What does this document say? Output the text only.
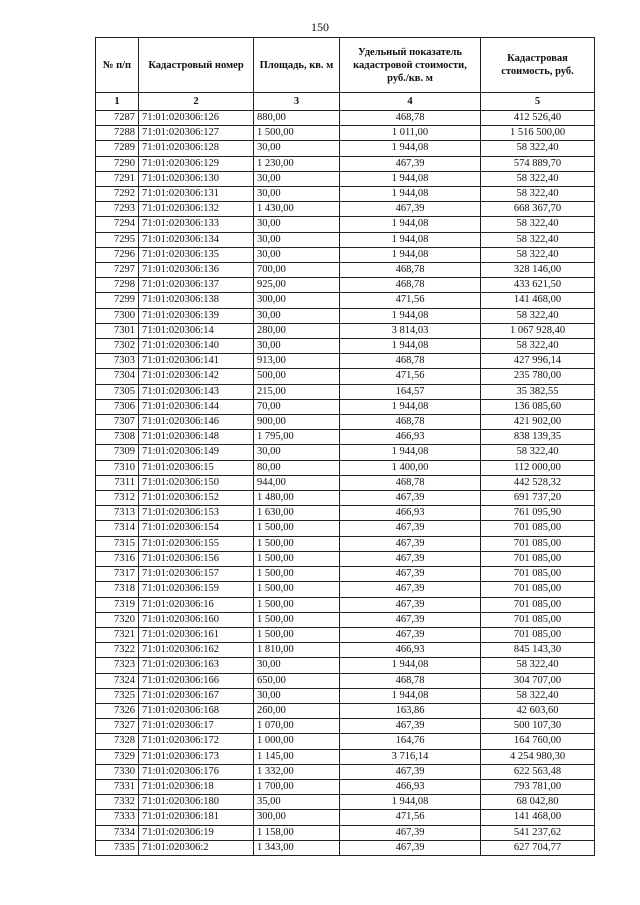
150
№ п/п	Кадастровый номер	Площадь, кв. м	Удельный показатель кадастровой стоимости, руб./кв. м	Кадастровая стоимость, руб.
1	2	3	4	5
7287	71:01:020306:126	880,00	468,78	412 526,40
7288	71:01:020306:127	1 500,00	1 011,00	1 516 500,00
7289	71:01:020306:128	30,00	1 944,08	58 322,40
7290	71:01:020306:129	1 230,00	467,39	574 889,70
7291	71:01:020306:130	30,00	1 944,08	58 322,40
7292	71:01:020306:131	30,00	1 944,08	58 322,40
7293	71:01:020306:132	1 430,00	467,39	668 367,70
7294	71:01:020306:133	30,00	1 944,08	58 322,40
7295	71:01:020306:134	30,00	1 944,08	58 322,40
7296	71:01:020306:135	30,00	1 944,08	58 322,40
7297	71:01:020306:136	700,00	468,78	328 146,00
7298	71:01:020306:137	925,00	468,78	433 621,50
7299	71:01:020306:138	300,00	471,56	141 468,00
7300	71:01:020306:139	30,00	1 944,08	58 322,40
7301	71:01:020306:14	280,00	3 814,03	1 067 928,40
7302	71:01:020306:140	30,00	1 944,08	58 322,40
7303	71:01:020306:141	913,00	468,78	427 996,14
7304	71:01:020306:142	500,00	471,56	235 780,00
7305	71:01:020306:143	215,00	164,57	35 382,55
7306	71:01:020306:144	70,00	1 944,08	136 085,60
7307	71:01:020306:146	900,00	468,78	421 902,00
7308	71:01:020306:148	1 795,00	466,93	838 139,35
7309	71:01:020306:149	30,00	1 944,08	58 322,40
7310	71:01:020306:15	80,00	1 400,00	112 000,00
7311	71:01:020306:150	944,00	468,78	442 528,32
7312	71:01:020306:152	1 480,00	467,39	691 737,20
7313	71:01:020306:153	1 630,00	466,93	761 095,90
7314	71:01:020306:154	1 500,00	467,39	701 085,00
7315	71:01:020306:155	1 500,00	467,39	701 085,00
7316	71:01:020306:156	1 500,00	467,39	701 085,00
7317	71:01:020306:157	1 500,00	467,39	701 085,00
7318	71:01:020306:159	1 500,00	467,39	701 085,00
7319	71:01:020306:16	1 500,00	467,39	701 085,00
7320	71:01:020306:160	1 500,00	467,39	701 085,00
7321	71:01:020306:161	1 500,00	467,39	701 085,00
7322	71:01:020306:162	1 810,00	466,93	845 143,30
7323	71:01:020306:163	30,00	1 944,08	58 322,40
7324	71:01:020306:166	650,00	468,78	304 707,00
7325	71:01:020306:167	30,00	1 944,08	58 322,40
7326	71:01:020306:168	260,00	163,86	42 603,60
7327	71:01:020306:17	1 070,00	467,39	500 107,30
7328	71:01:020306:172	1 000,00	164,76	164 760,00
7329	71:01:020306:173	1 145,00	3 716,14	4 254 980,30
7330	71:01:020306:176	1 332,00	467,39	622 563,48
7331	71:01:020306:18	1 700,00	466,93	793 781,00
7332	71:01:020306:180	35,00	1 944,08	68 042,80
7333	71:01:020306:181	300,00	471,56	141 468,00
7334	71:01:020306:19	1 158,00	467,39	541 237,62
7335	71:01:020306:2	1 343,00	467,39	627 704,77
